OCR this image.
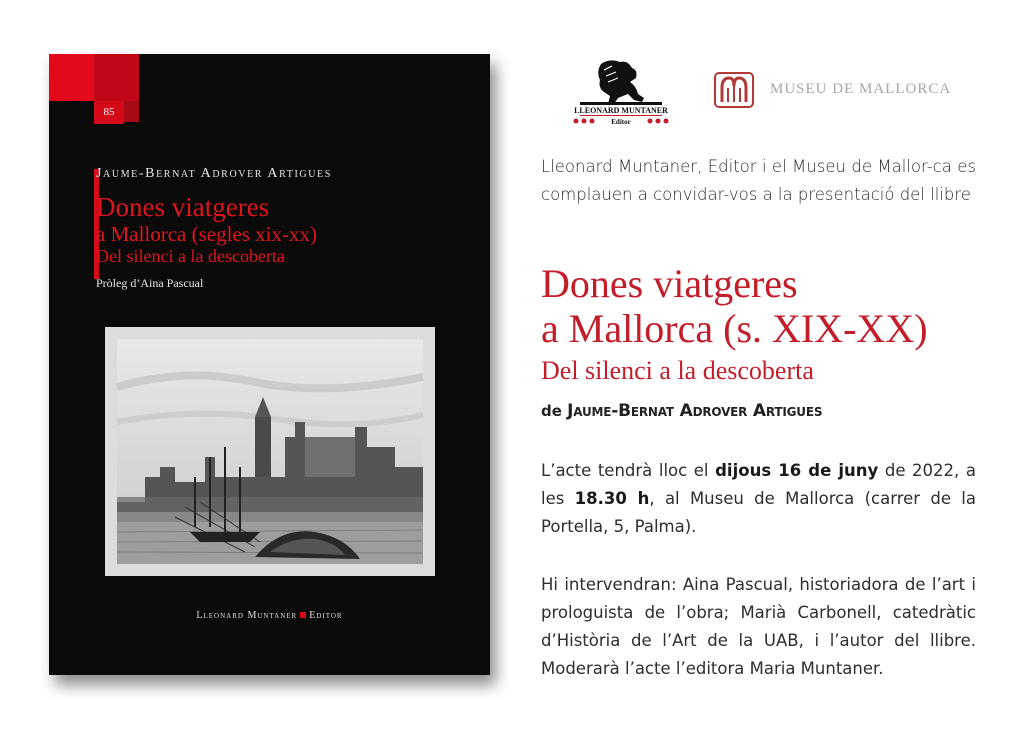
85
Jaume-Bernat Adrover Artigues
Dones viatgeres
a Mallorca (segles xix-xx)
Del silenci a la descoberta
Pròleg d’Aina Pascual
Lleonard Muntaner Editor
LLEONARD MUNTANER
Editor
MUSEU DE MALLORCA
Lleonard Muntaner, Editor i el Museu de Mallor-ca es complauen a convidar-vos a la presentació del llibre
Dones viatgeres
a Mallorca (s. XIX-XX)
Del silenci a la descoberta
de Jaume-Bernat Adrover Artigues
L’acte tendrà lloc el dijous 16 de juny de 2022, a les 18.30 h, al Museu de Mallorca (carrer de la Portella, 5, Palma).
Hi intervendran: Aina Pascual, historiadora de l’art i prologuista de l’obra; Marià Carbonell, catedràtic d’Història de l’Art de la UAB, i l’autor del llibre. Moderarà l’acte l’editora Maria Muntaner.
